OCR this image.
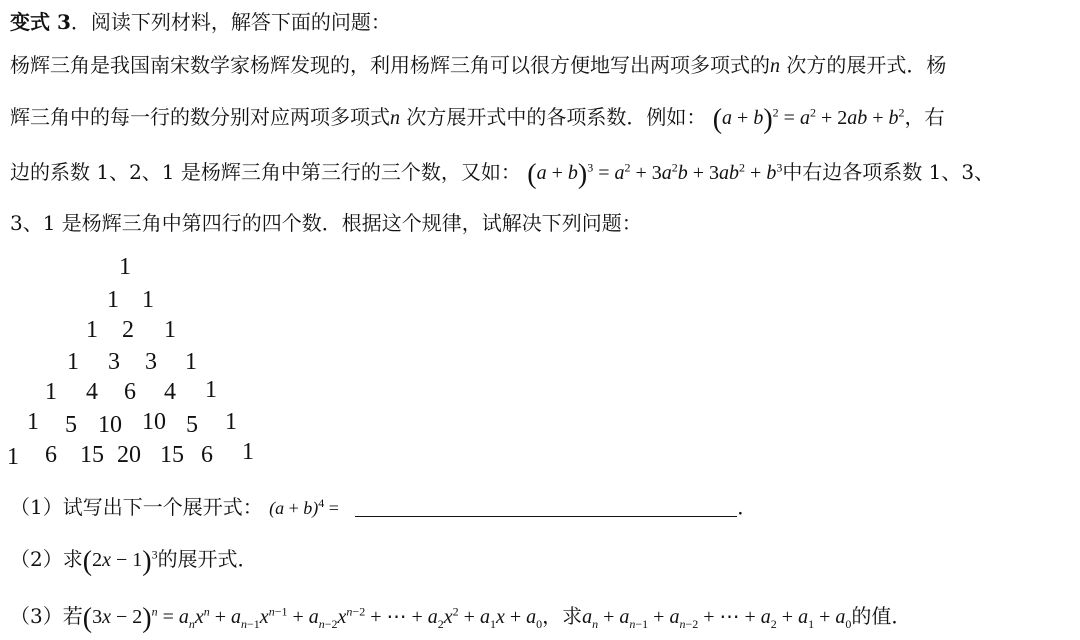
变式 3．阅读下列材料，解答下面的问题：
杨辉三角是我国南宋数学家杨辉发现的，利用杨辉三角可以很方便地写出两项多项式的n 次方的展开式．杨
辉三角中的每一行的数分别对应两项多项式n 次方展开式中的各项系数．例如： $(a + b)^2 = a^2 + 2ab + b^2$，右
边的系数 1、2、1 是杨辉三角中第三行的三个数，又如： $(a + b)^3 = a^2 + 3a^2b + 3ab^2 + b^3$中右边各项系数 1、3、
3、1 是杨辉三角中第四行的四个数．根据这个规律，试解决下列问题：
1
1 1
1 2 1
1 3 3 1
1 4 6 4 1
1 5 10 10 5 1
1 6 15 20 15 6 1
（1）试写出下一个展开式： $(a + b)^4$ =	．
（2）求$(2x - 1)^3$的展开式．
（3）若$(3x - 2)^n = a_nx^n + a_{n-1}x^{n-1} + a_{n-2}x^{n-2}$ + ⋯ + $a_2x^2 + a_1x + a_0$，求$a_n + a_{n-1} + a_{n-2}$ + ⋯ + $a_2 + a_1 + a_0$的值．
